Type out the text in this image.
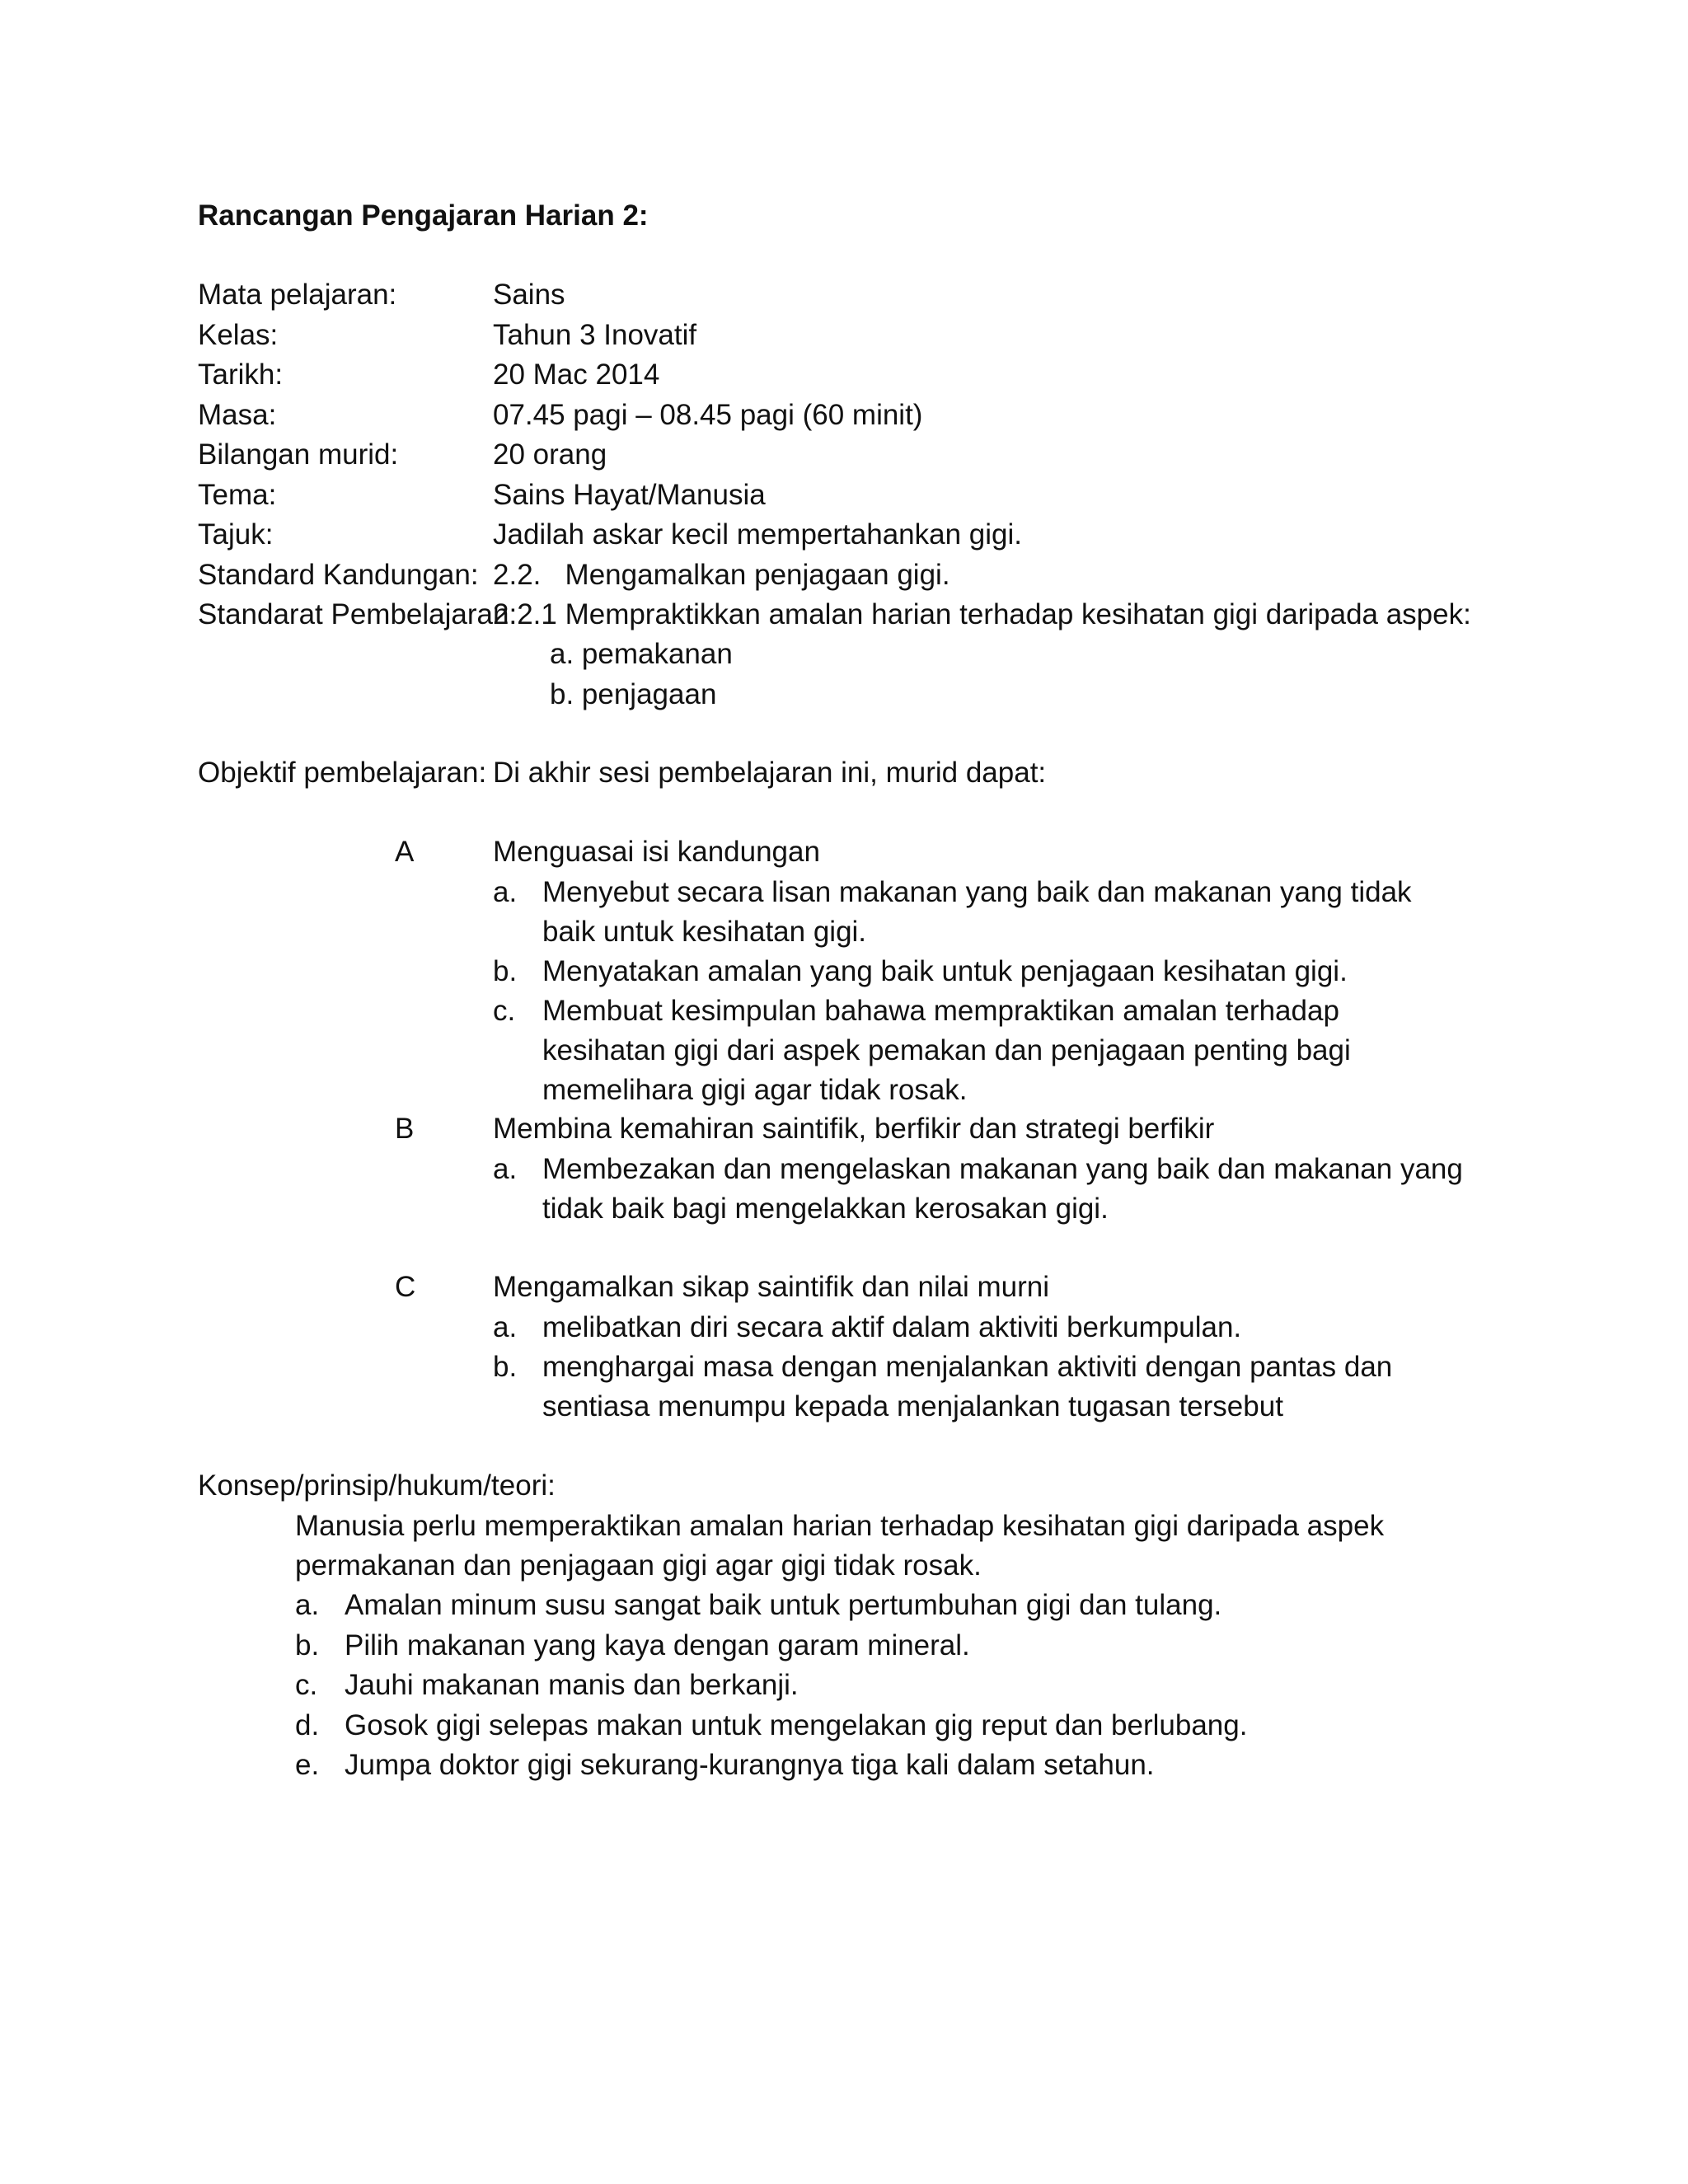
Rancangan Pengajaran Harian 2:
Mata pelajaran:	Sains
Kelas:	Tahun 3 Inovatif
Tarikh:	20 Mac 2014
Masa:	07.45 pagi – 08.45 pagi (60 minit)
Bilangan murid:	20 orang
Tema:	Sains Hayat/Manusia
Tajuk:	Jadilah askar kecil mempertahankan gigi.
Standard Kandungan: 2.2.   Mengamalkan penjagaan gigi.
Standarat Pembelajaran:
2.2.1 Mempraktikkan amalan harian terhadap kesihatan gigi daripada aspek:
a. pemakanan
b. penjagaan
Objektif pembelajaran: Di akhir sesi pembelajaran ini, murid dapat:
A	Menguasai isi kandungan
a. Menyebut secara lisan makanan yang baik dan makanan yang tidak baik untuk kesihatan gigi.
b. Menyatakan amalan yang baik untuk penjagaan kesihatan gigi.
c. Membuat kesimpulan bahawa mempraktikan amalan terhadap kesihatan gigi dari aspek pemakan dan penjagaan penting bagi memelihara gigi agar tidak rosak.
B	Membina kemahiran saintifik, berfikir dan strategi berfikir
a. Membezakan dan mengelaskan makanan yang baik dan makanan yang tidak baik bagi mengelakkan kerosakan gigi.
C	Mengamalkan sikap saintifik dan nilai murni
a. melibatkan diri secara aktif dalam aktiviti berkumpulan.
b. menghargai masa dengan menjalankan aktiviti dengan pantas dan sentiasa menumpu kepada menjalankan tugasan tersebut
Konsep/prinsip/hukum/teori:

Manusia perlu memperaktikan amalan harian terhadap kesihatan gigi daripada aspek permakanan dan penjagaan gigi agar gigi tidak rosak.

a. Amalan minum susu sangat baik untuk pertumbuhan gigi dan tulang.
b. Pilih makanan yang kaya dengan garam mineral.
c. Jauhi makanan manis dan berkanji.
d. Gosok gigi selepas makan untuk mengelakan gig reput dan berlubang.
e. Jumpa doktor gigi sekurang-kurangnya tiga kali dalam setahun.
